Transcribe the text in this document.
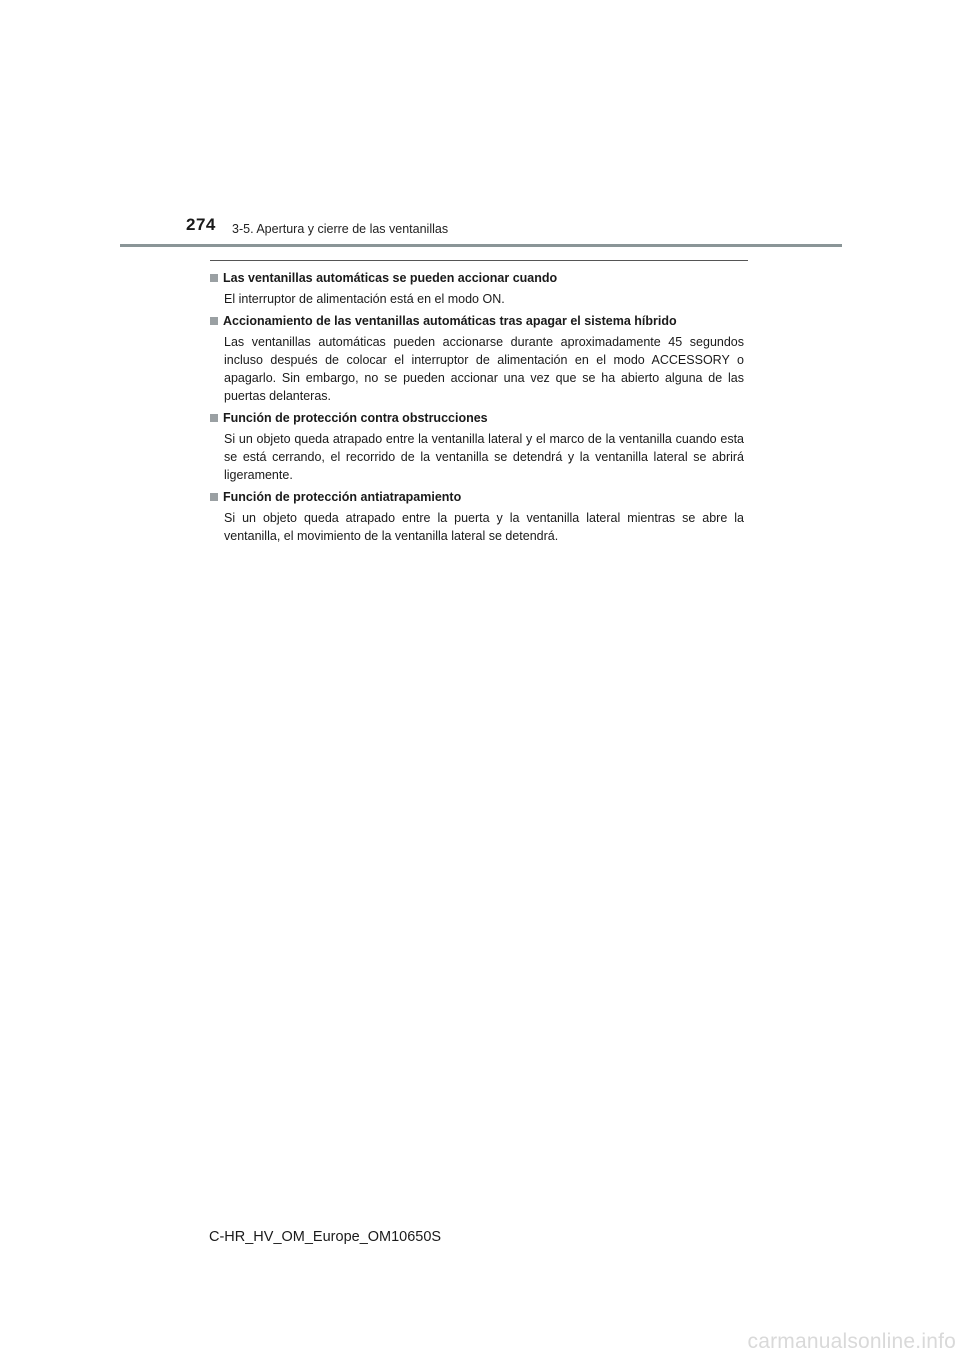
274 3-5. Apertura y cierre de las ventanillas
Las ventanillas automáticas se pueden accionar cuando

El interruptor de alimentación está en el modo ON.

Accionamiento de las ventanillas automáticas tras apagar el sistema híbrido

Las ventanillas automáticas pueden accionarse durante aproximadamente 45 segundos incluso después de colocar el interruptor de alimentación en el modo ACCESSORY o apagarlo. Sin embargo, no se pueden accionar una vez que se ha abierto alguna de las puertas delanteras.

Función de protección contra obstrucciones

Si un objeto queda atrapado entre la ventanilla lateral y el marco de la ventanilla cuando esta se está cerrando, el recorrido de la ventanilla se detendrá y la ventanilla lateral se abrirá ligeramente.

Función de protección antiatrapamiento

Si un objeto queda atrapado entre la puerta y la ventanilla lateral mientras se abre la ventanilla, el movimiento de la ventanilla lateral se detendrá.

C-HR_HV_OM_Europe_OM10650S
carmanualsonline.info
